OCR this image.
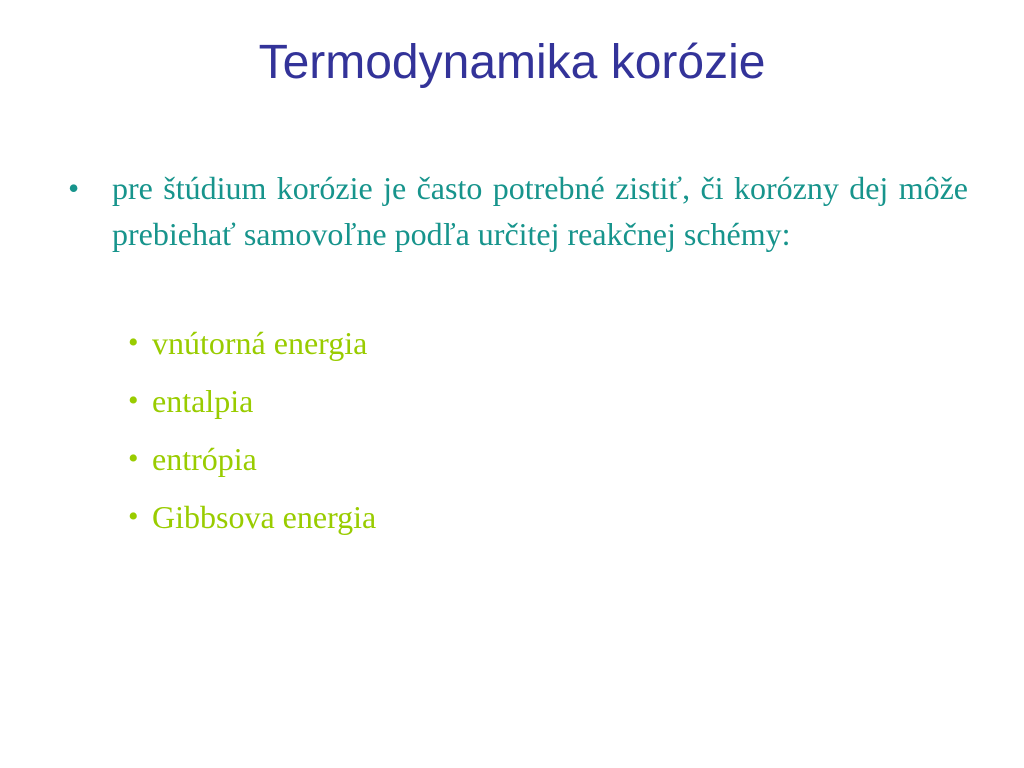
Termodynamika korózie
•	pre štúdium korózie je často potrebné zistiť, či korózny dej môže prebiehať samovoľne podľa určitej reakčnej schémy:
• vnútorná energia
• entalpia
• entrópia
• Gibbsova energia
